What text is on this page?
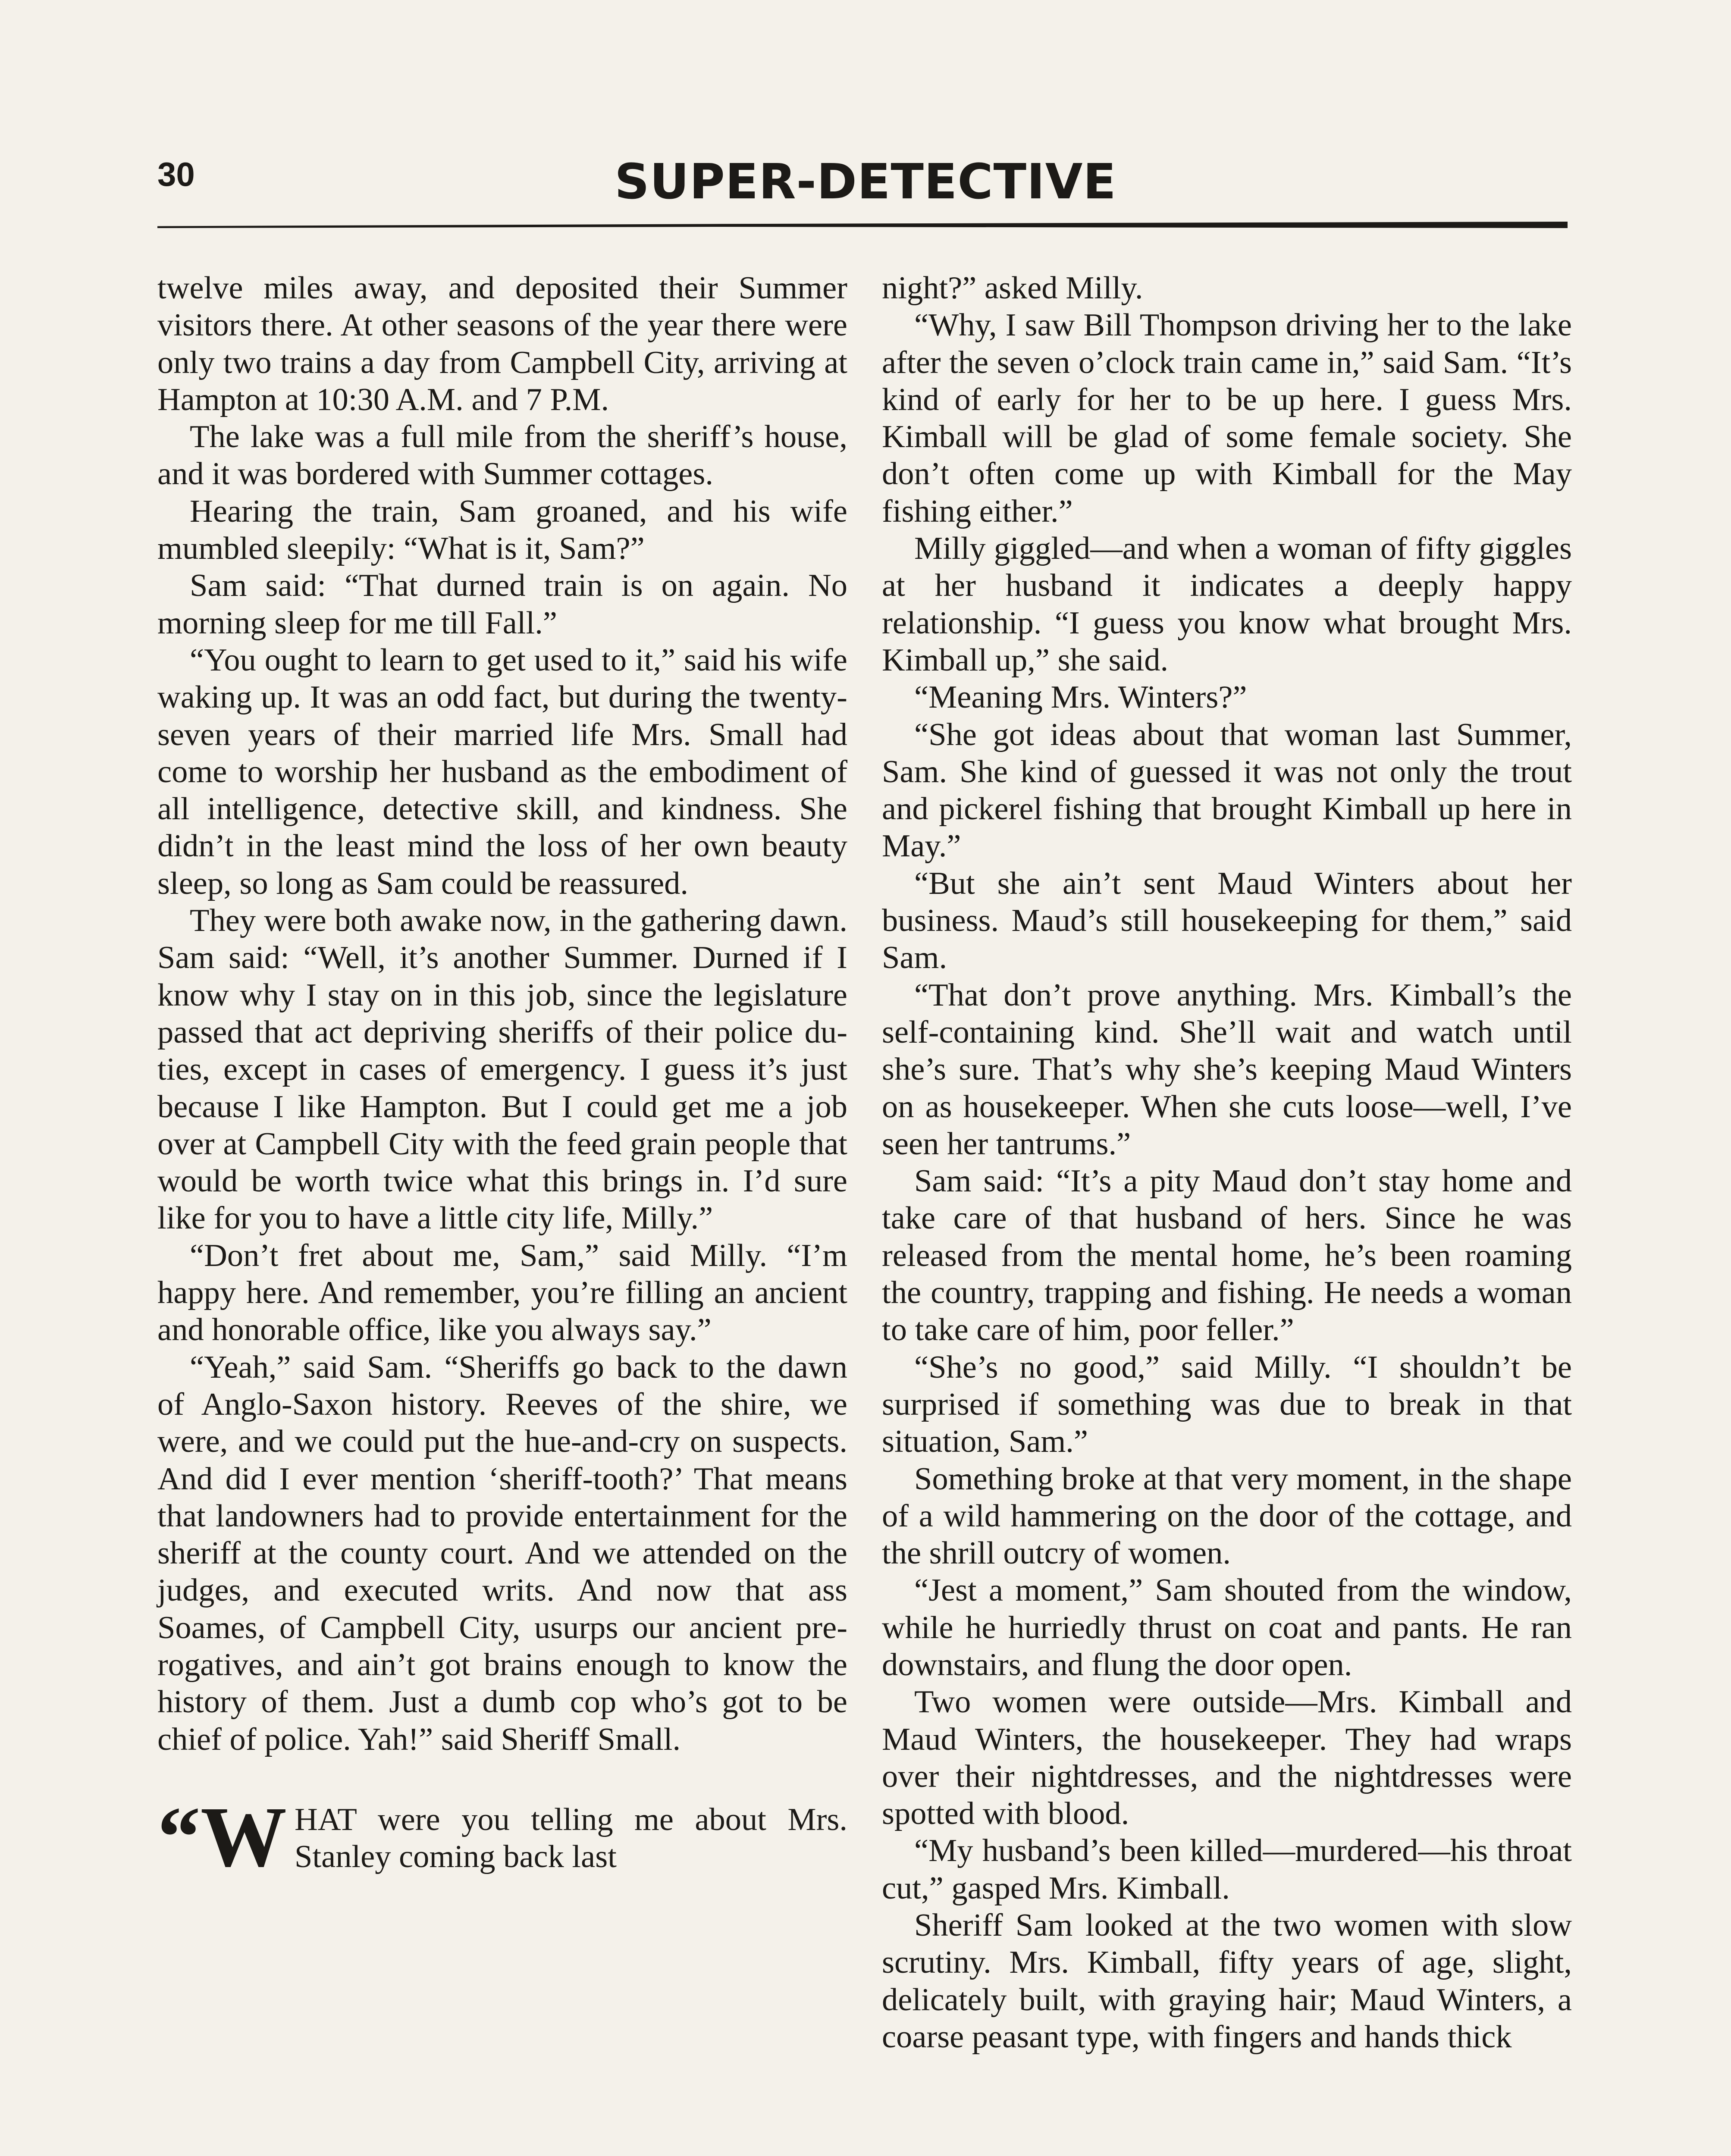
30	SUPER-DETECTIVE

twelve miles away, and deposited their Summer visitors there. At other seasons of the year there were only two trains a day from Campbell City, arriving at Hampton at 10:30 A.M. and 7 P.M.

The lake was a full mile from the sheriff’s house, and it was bordered with Summer cottages.

Hearing the train, Sam groaned, and his wife mumbled sleepily: “What is it, Sam?”

Sam said: “That durned train is on again. No morning sleep for me till Fall.”

“You ought to learn to get used to it,” said his wife waking up. It was an odd fact, but during the twenty-seven years of their married life Mrs. Small had come to worship her husband as the embodiment of all intelligence, detective skill, and kindness. She didn’t in the least mind the loss of her own beauty sleep, so long as Sam could be reassured.

They were both awake now, in the gathering dawn. Sam said: “Well, it’s another Summer. Durned if I know why I stay on in this job, since the legislature passed that act depriving sheriffs of their police duties, except in cases of emergency. I guess it’s just because I like Hampton. But I could get me a job over at Campbell City with the feed grain people that would be worth twice what this brings in. I’d sure like for you to have a little city life, Milly.”

“Don’t fret about me, Sam,” said Milly. “I’m happy here. And remember, you’re filling an ancient and honorable office, like you always say.”

“Yeah,” said Sam. “Sheriffs go back to the dawn of Anglo-Saxon history. Reeves of the shire, we were, and we could put the hue-and-cry on suspects. And did I ever mention ‘sheriff-tooth?’ That means that landowners had to provide entertainment for the sheriff at the county court. And we attended on the judges, and executed writs. And now that ass Soames, of Campbell City, usurps our ancient prerogatives, and ain’t got brains enough to know the history of them. Just a dumb cop who’s got to be chief of police. Yah!” said Sheriff Small.

“WHAT were you telling me about Mrs. Stanley coming back last

night?” asked Milly.

“Why, I saw Bill Thompson driving her to the lake after the seven o’clock train came in,” said Sam. “It’s kind of early for her to be up here. I guess Mrs. Kimball will be glad of some female society. She don’t often come up with Kimball for the May fishing either.”

Milly giggled—and when a woman of fifty giggles at her husband it indicates a deeply happy relationship. “I guess you know what brought Mrs. Kimball up,” she said.

“Meaning Mrs. Winters?”

“She got ideas about that woman last Summer, Sam. She kind of guessed it was not only the trout and pickerel fishing that brought Kimball up here in May.”

“But she ain’t sent Maud Winters about her business. Maud’s still housekeeping for them,” said Sam.

“That don’t prove anything. Mrs. Kimball’s the self-containing kind. She’ll wait and watch until she’s sure. That’s why she’s keeping Maud Winters on as housekeeper. When she cuts loose—well, I’ve seen her tantrums.”

Sam said: “It’s a pity Maud don’t stay home and take care of that husband of hers. Since he was released from the mental home, he’s been roaming the country, trapping and fishing. He needs a woman to take care of him, poor feller.”

“She’s no good,” said Milly. “I shouldn’t be surprised if something was due to break in that situation, Sam.”

Something broke at that very moment, in the shape of a wild hammering on the door of the cottage, and the shrill outcry of women.

“Jest a moment,” Sam shouted from the window, while he hurriedly thrust on coat and pants. He ran downstairs, and flung the door open.

Two women were outside—Mrs. Kimball and Maud Winters, the housekeeper. They had wraps over their nightdresses, and the nightdresses were spotted with blood.

“My husband’s been killed—murdered—his throat cut,” gasped Mrs. Kimball.

Sheriff Sam looked at the two women with slow scrutiny. Mrs. Kimball, fifty years of age, slight, delicately built, with graying hair; Maud Winters, a coarse peasant type, with fingers and hands thick
